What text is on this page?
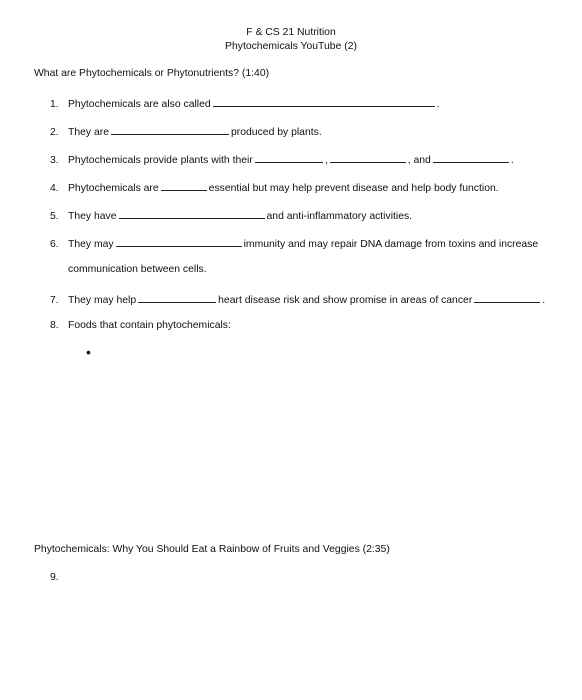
F & CS 21 Nutrition
Phytochemicals YouTube (2)
What are Phytochemicals or Phytonutrients? (1:40)
1. Phytochemicals are also called	.
2. They are	produced by plants.
3. Phytochemicals provide plants with their	,	, and	.
4. Phytochemicals are	essential but may help prevent disease and help body function.
5. They have	and anti-inflammatory activities.
6. They may	immunity and may repair DNA damage from toxins and increase
communication between cells.
7. They may help	heart disease risk and show promise in areas of cancer	.
8. Foods that contain phytochemicals:
•
Phytochemicals: Why You Should Eat a Rainbow of Fruits and Veggies (2:35)
9.
